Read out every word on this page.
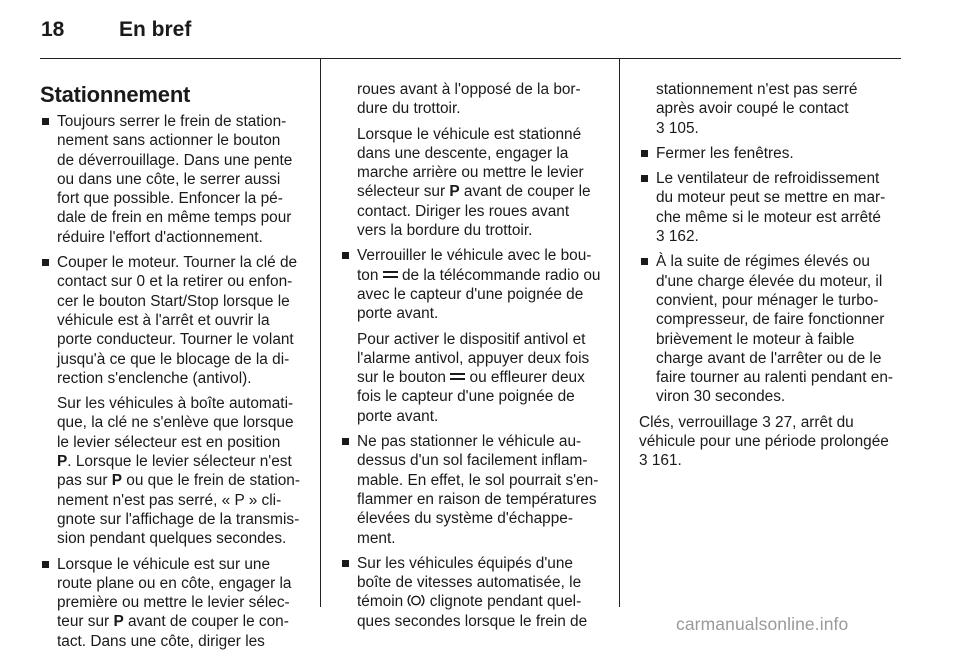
18	En bref
Stationnement
Toujours serrer le frein de station-
nement sans actionner le bouton
de déverrouillage. Dans une pente
ou dans une côte, le serrer aussi
fort que possible. Enfoncer la pé-
dale de frein en même temps pour
réduire l'effort d'actionnement.
Couper le moteur. Tourner la clé de
contact sur 0 et la retirer ou enfon-
cer le bouton Start/Stop lorsque le
véhicule est à l'arrêt et ouvrir la
porte conducteur. Tourner le volant
jusqu'à ce que le blocage de la di-
rection s'enclenche (antivol).
Sur les véhicules à boîte automati-
que, la clé ne s'enlève que lorsque
le levier sélecteur est en position
P. Lorsque le levier sélecteur n'est
pas sur P ou que le frein de station-
nement n'est pas serré, « P » cli-
gnote sur l'affichage de la transmis-
sion pendant quelques secondes.
Lorsque le véhicule est sur une
route plane ou en côte, engager la
première ou mettre le levier sélec-
teur sur P avant de couper le con-
tact. Dans une côte, diriger les
roues avant à l'opposé de la bor-
dure du trottoir.
Lorsque le véhicule est stationné
dans une descente, engager la
marche arrière ou mettre le levier
sélecteur sur P avant de couper le
contact. Diriger les roues avant
vers la bordure du trottoir.
Verrouiller le véhicule avec le bou-
ton  de la télécommande radio ou
avec le capteur d'une poignée de
porte avant.
Pour activer le dispositif antivol et
l'alarme antivol, appuyer deux fois
sur le bouton  ou effleurer deux
fois le capteur d'une poignée de
porte avant.
Ne pas stationner le véhicule au-
dessus d'un sol facilement inflam-
mable. En effet, le sol pourrait s'en-
flammer en raison de températures
élevées du système d'échappe-
ment.
Sur les véhicules équipés d'une
boîte de vitesses automatisée, le
témoin  clignote pendant quel-
ques secondes lorsque le frein de
stationnement n'est pas serré
après avoir coupé le contact
3 105.
Fermer les fenêtres.
Le ventilateur de refroidissement
du moteur peut se mettre en mar-
che même si le moteur est arrêté
3 162.
À la suite de régimes élevés ou
d'une charge élevée du moteur, il
convient, pour ménager le turbo-
compresseur, de faire fonctionner
brièvement le moteur à faible
charge avant de l'arrêter ou de le
faire tourner au ralenti pendant en-
viron 30 secondes.
Clés, verrouillage 3 27, arrêt du
véhicule pour une période prolongée
3 161.
carmanualsonline.info
